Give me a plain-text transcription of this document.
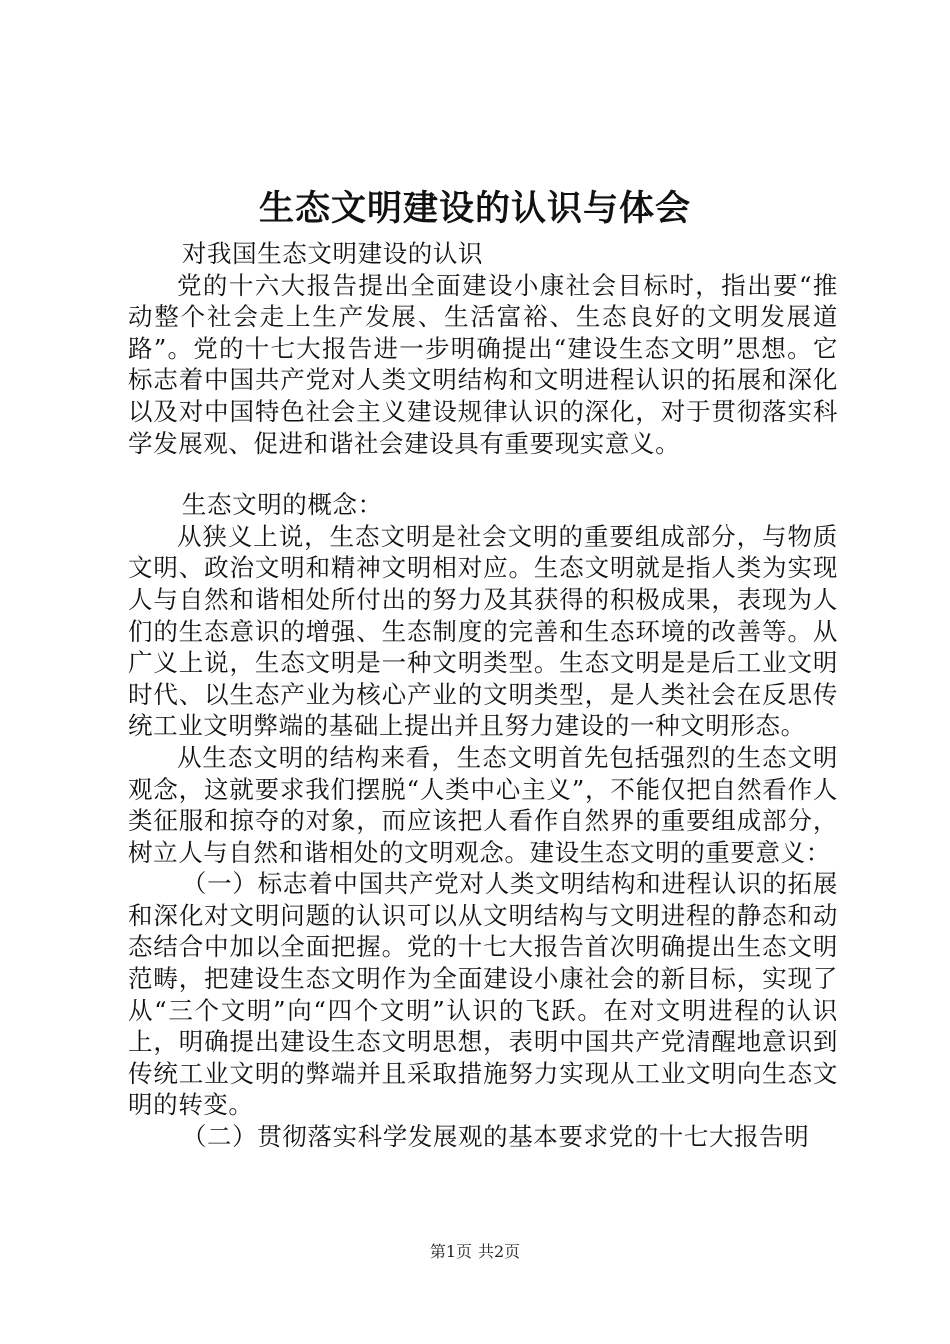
生态文明建设的认识与体会

对我国生态文明建设的认识

党的十六大报告提出全面建设小康社会目标时，指出要“推动整个社会走上生产发展、生活富裕、生态良好的文明发展道路”。党的十七大报告进一步明确提出“建设生态文明”思想。它标志着中国共产党对人类文明结构和文明进程认识的拓展和深化以及对中国特色社会主义建设规律认识的深化，对于贯彻落实科学发展观、促进和谐社会建设具有重要现实意义。

生态文明的概念：

从狭义上说，生态文明是社会文明的重要组成部分，与物质文明、政治文明和精神文明相对应。生态文明就是指人类为实现人与自然和谐相处所付出的努力及其获得的积极成果，表现为人们的生态意识的增强、生态制度的完善和生态环境的改善等。从广义上说，生态文明是一种文明类型。生态文明是是后工业文明时代、以生态产业为核心产业的文明类型，是人类社会在反思传统工业文明弊端的基础上提出并且努力建设的一种文明形态。

从生态文明的结构来看，生态文明首先包括强烈的生态文明观念，这就要求我们摆脱“人类中心主义”，不能仅把自然看作人类征服和掠夺的对象，而应该把人看作自然界的重要组成部分，树立人与自然和谐相处的文明观念。建设生态文明的重要意义：

（一）标志着中国共产党对人类文明结构和进程认识的拓展和深化对文明问题的认识可以从文明结构与文明进程的静态和动态结合中加以全面把握。党的十七大报告首次明确提出生态文明范畴，把建设生态文明作为全面建设小康社会的新目标，实现了从“三个文明”向“四个文明”认识的飞跃。在对文明进程的认识上，明确提出建设生态文明思想，表明中国共产党清醒地意识到传统工业文明的弊端并且采取措施努力实现从工业文明向生态文明的转变。

（二）贯彻落实科学发展观的基本要求党的十七大报告明

第1页 共2页
